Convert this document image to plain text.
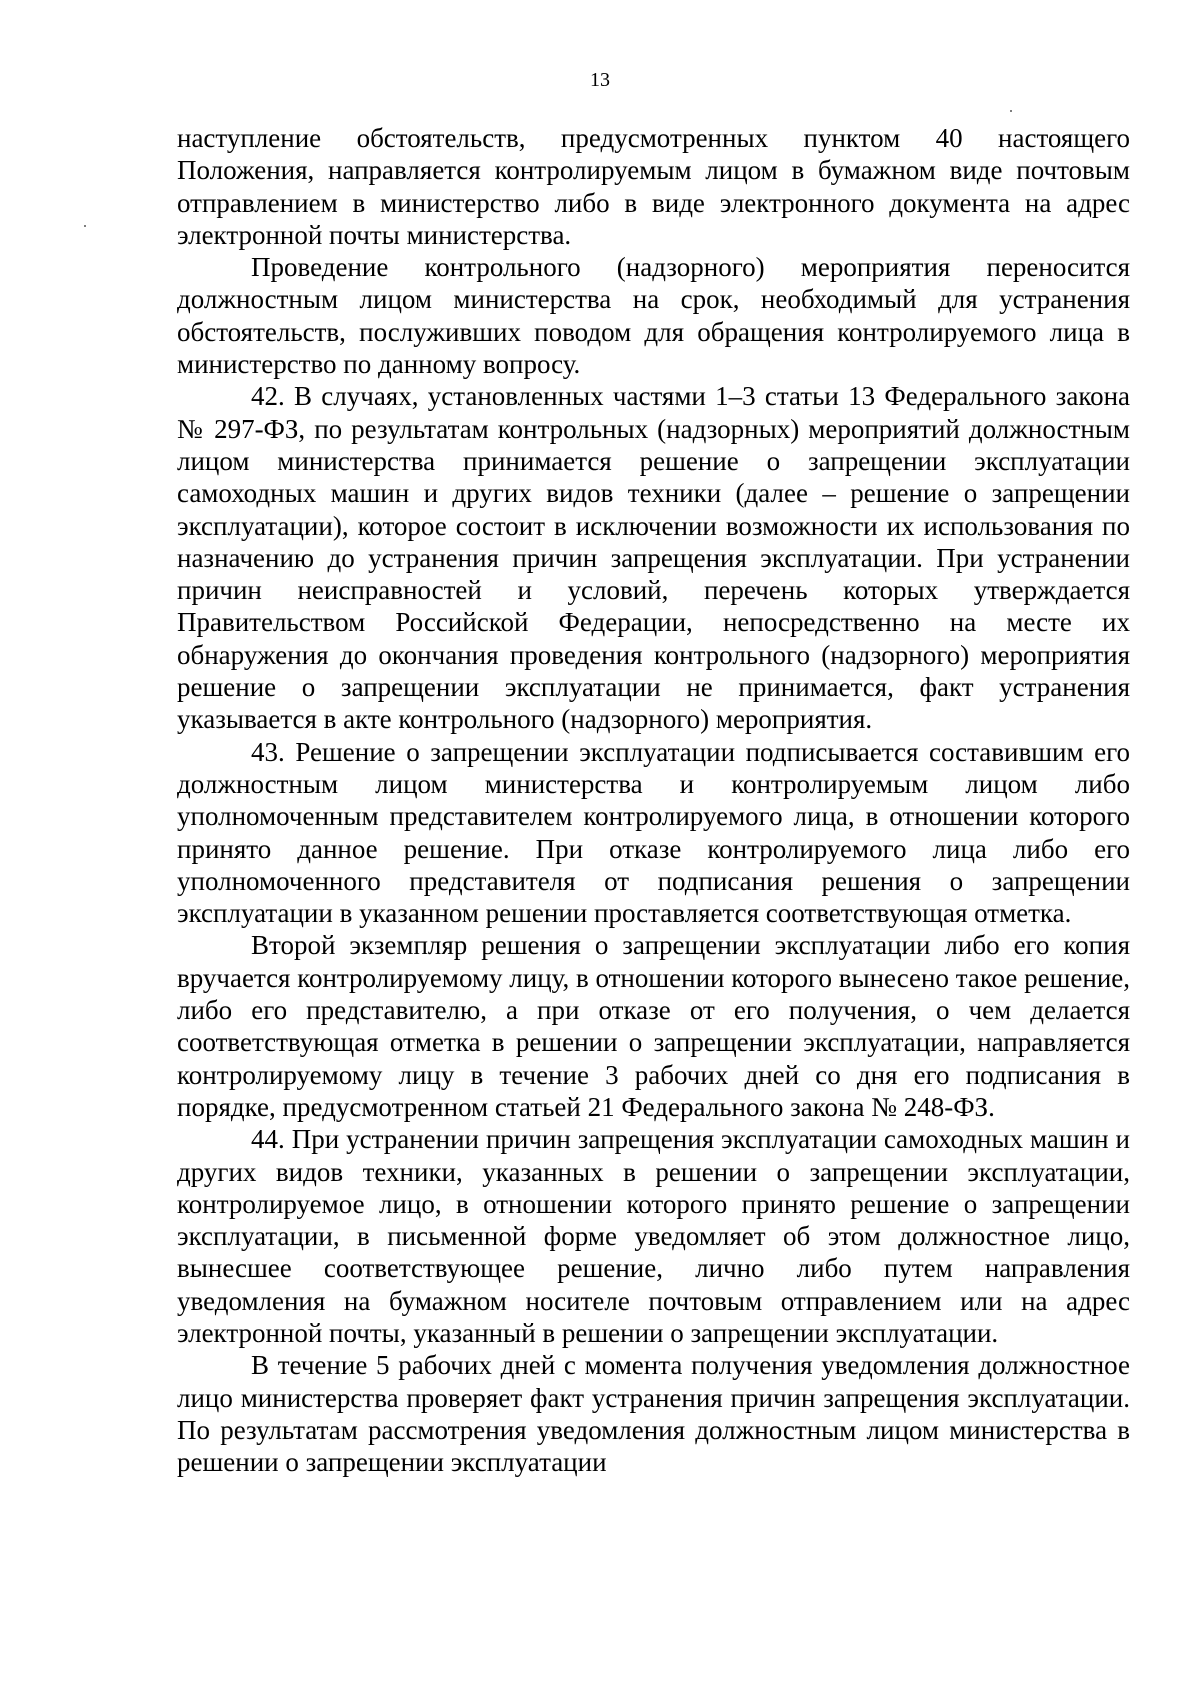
13

наступление обстоятельств, предусмотренных пунктом 40 настоящего Положения, направляется контролируемым лицом в бумажном виде почтовым отправлением в министерство либо в виде электронного документа на адрес электронной почты министерства.

Проведение контрольного (надзорного) мероприятия переносится должностным лицом министерства на срок, необходимый для устранения обстоятельств, послуживших поводом для обращения контролируемого лица в министерство по данному вопросу.

42. В случаях, установленных частями 1–3 статьи 13 Федерального закона № 297-ФЗ, по результатам контрольных (надзорных) мероприятий должностным лицом министерства принимается решение о запрещении эксплуатации самоходных машин и других видов техники (далее – решение о запрещении эксплуатации), которое состоит в исключении возможности их использования по назначению до устранения причин запрещения эксплуатации. При устранении причин неисправностей и условий, перечень которых утверждается Правительством Российской Федерации, непосредственно на месте их обнаружения до окончания проведения контрольного (надзорного) мероприятия решение о запрещении эксплуатации не принимается, факт устранения указывается в акте контрольного (надзорного) мероприятия.

43. Решение о запрещении эксплуатации подписывается составившим его должностным лицом министерства и контролируемым лицом либо уполномоченным представителем контролируемого лица, в отношении которого принято данное решение. При отказе контролируемого лица либо его уполномоченного представителя от подписания решения о запрещении эксплуатации в указанном решении проставляется соответствующая отметка.

Второй экземпляр решения о запрещении эксплуатации либо его копия вручается контролируемому лицу, в отношении которого вынесено такое решение, либо его представителю, а при отказе от его получения, о чем делается соответствующая отметка в решении о запрещении эксплуатации, направляется контролируемому лицу в течение 3 рабочих дней со дня его подписания в порядке, предусмотренном статьей 21 Федерального закона № 248-ФЗ.

44. При устранении причин запрещения эксплуатации самоходных машин и других видов техники, указанных в решении о запрещении эксплуатации, контролируемое лицо, в отношении которого принято решение о запрещении эксплуатации, в письменной форме уведомляет об этом должностное лицо, вынесшее соответствующее решение, лично либо путем направления уведомления на бумажном носителе почтовым отправлением или на адрес электронной почты, указанный в решении о запрещении эксплуатации.

В течение 5 рабочих дней с момента получения уведомления должностное лицо министерства проверяет факт устранения причин запрещения эксплуатации. По результатам рассмотрения уведомления должностным лицом министерства в решении о запрещении эксплуатации
